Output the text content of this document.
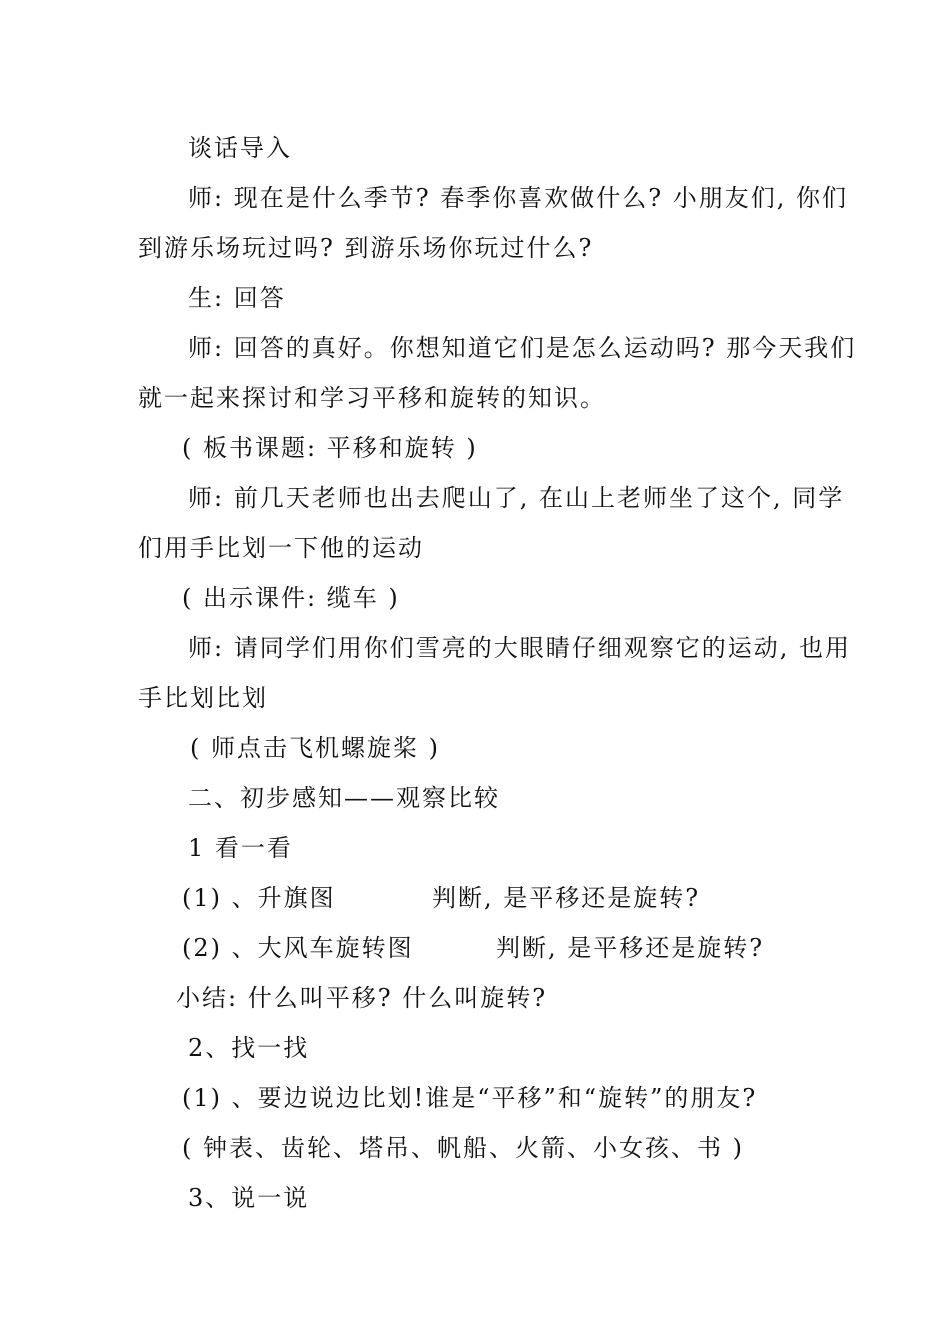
谈话导入
师: 现在是什么季节? 春季你喜欢做什么? 小朋友们, 你们
到游乐场玩过吗? 到游乐场你玩过什么?
生: 回答
师: 回答的真好。你想知道它们是怎么运动吗? 那今天我们
就一起来探讨和学习平移和旋转的知识。
( 板书课题: 平移和旋转 )
师: 前几天老师也出去爬山了, 在山上老师坐了这个, 同学
们用手比划一下他的运动
( 出示课件: 缆车 )
师: 请同学们用你们雪亮的大眼睛仔细观察它的运动, 也用
手比划比划
( 师点击飞机螺旋桨 )
二、初步感知——观察比较
1 看一看
(1) 、升旗图	判断, 是平移还是旋转?
(2) 、大风车旋转图	判断, 是平移还是旋转?
小结: 什么叫平移? 什么叫旋转?
2、找一找
(1) 、要边说边比划!谁是“平移”和“旋转”的朋友?
( 钟表、齿轮、塔吊、帆船、火箭、小女孩、书 )
3、说一说
